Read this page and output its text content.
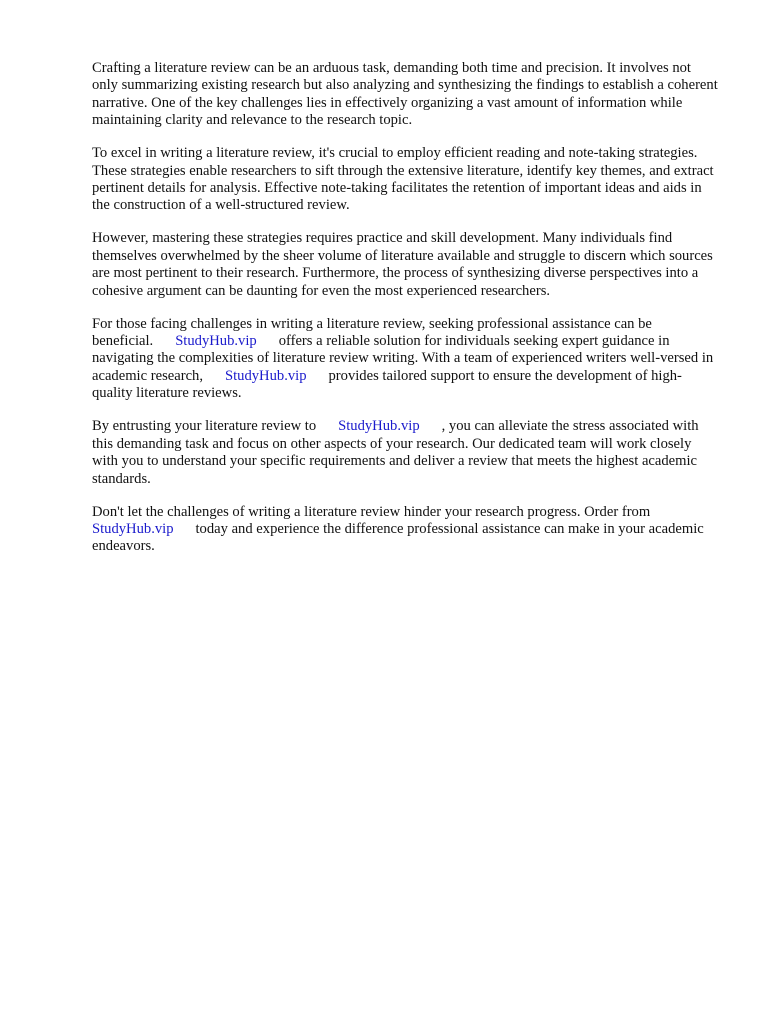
Crafting a literature review can be an arduous task, demanding both time and precision. It involves not only summarizing existing research but also analyzing and synthesizing the findings to establish a coherent narrative. One of the key challenges lies in effectively organizing a vast amount of information while maintaining clarity and relevance to the research topic.

To excel in writing a literature review, it's crucial to employ efficient reading and note-taking strategies. These strategies enable researchers to sift through the extensive literature, identify key themes, and extract pertinent details for analysis. Effective note-taking facilitates the retention of important ideas and aids in the construction of a well-structured review.

However, mastering these strategies requires practice and skill development. Many individuals find themselves overwhelmed by the sheer volume of literature available and struggle to discern which sources are most pertinent to their research. Furthermore, the process of synthesizing diverse perspectives into a cohesive argument can be daunting for even the most experienced researchers.

For those facing challenges in writing a literature review, seeking professional assistance can be beneficial. StudyHub.vip offers a reliable solution for individuals seeking expert guidance in navigating the complexities of literature review writing. With a team of experienced writers well-versed in academic research, StudyHub.vip provides tailored support to ensure the development of high-quality literature reviews.

By entrusting your literature review to StudyHub.vip , you can alleviate the stress associated with this demanding task and focus on other aspects of your research. Our dedicated team will work closely with you to understand your specific requirements and deliver a review that meets the highest academic standards.

Don't let the challenges of writing a literature review hinder your research progress. Order from StudyHub.vip today and experience the difference professional assistance can make in your academic endeavors.
